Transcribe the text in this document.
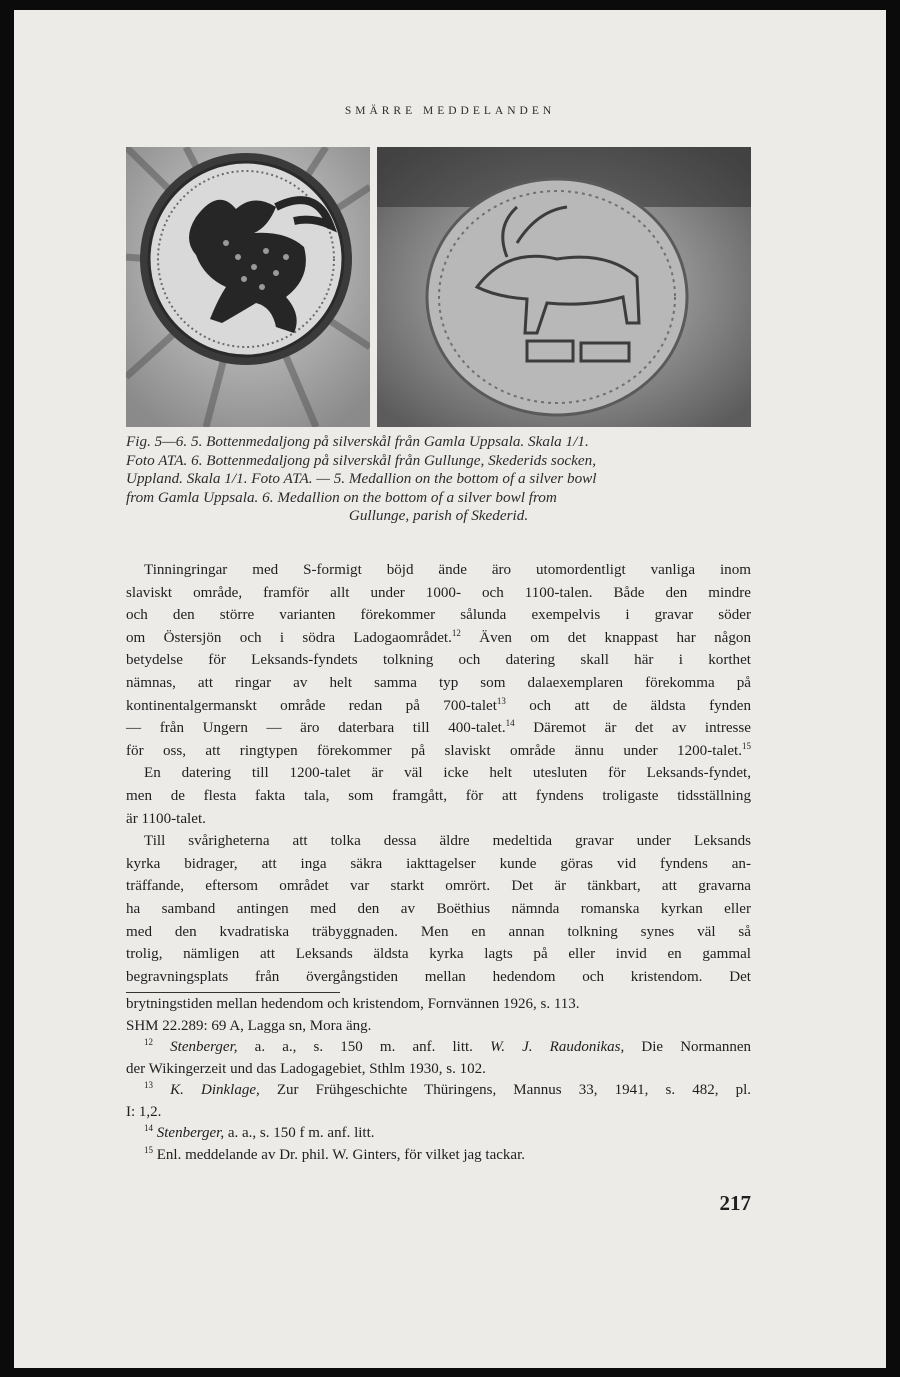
SMÄRRE MEDDELANDEN
Fig. 5—6. 5. Bottenmedaljong på silverskål från Gamla Uppsala. Skala 1/1.
Foto ATA. 6. Bottenmedaljong på silverskål från Gullunge, Skederids socken,
Uppland. Skala 1/1. Foto ATA. — 5. Medallion on the bottom of a silver bowl
from Gamla Uppsala. 6. Medallion on the bottom of a silver bowl from
Gullunge, parish of Skederid.
Tinningringar med S-formigt böjd ände äro utomordentligt vanliga inom
slaviskt område, framför allt under 1000- och 1100-talen. Både den mindre
och den större varianten förekommer sålunda exempelvis i gravar söder
om Östersjön och i södra Ladogaområdet.$^{12}$ Även om det knappast har någon
betydelse för Leksands-fyndets tolkning och datering skall här i korthet
nämnas, att ringar av helt samma typ som dalaexemplaren förekomma på
kontinentalgermanskt område redan på 700-talet$^{13}$ och att de äldsta fynden
— från Ungern — äro daterbara till 400-talet.$^{14}$ Däremot är det av intresse
för oss, att ringtypen förekommer på slaviskt område ännu under 1200-talet.$^{15}$
En datering till 1200-talet är väl icke helt utesluten för Leksands-fyndet,
men de flesta fakta tala, som framgått, för att fyndens troligaste tidsställning
är 1100-talet.
Till svårigheterna att tolka dessa äldre medeltida gravar under Leksands
kyrka bidrager, att inga säkra iakttagelser kunde göras vid fyndens an-
träffande, eftersom området var starkt omrört. Det är tänkbart, att gravarna
ha samband antingen med den av Boëthius nämnda romanska kyrkan eller
med den kvadratiska träbyggnaden. Men en annan tolkning synes väl så
trolig, nämligen att Leksands äldsta kyrka lagts på eller invid en gammal
begravningsplats från övergångstiden mellan hedendom och kristendom. Det
brytningstiden mellan hedendom och kristendom, Fornvännen 1926, s. 113.
SHM 22.289: 69 A, Lagga sn, Mora äng.
$^{12}$ Stenberger, a. a., s. 150 m. anf. litt. W. J. Raudonikas, Die Normannen
der Wikingerzeit und das Ladogagebiet, Sthlm 1930, s. 102.
$^{13}$ K. Dinklage, Zur Frühgeschichte Thüringens, Mannus 33, 1941, s. 482, pl.
I: 1,2.
$^{14}$ Stenberger, a. a., s. 150 f m. anf. litt.
$^{15}$ Enl. meddelande av Dr. phil. W. Ginters, för vilket jag tackar.
217
